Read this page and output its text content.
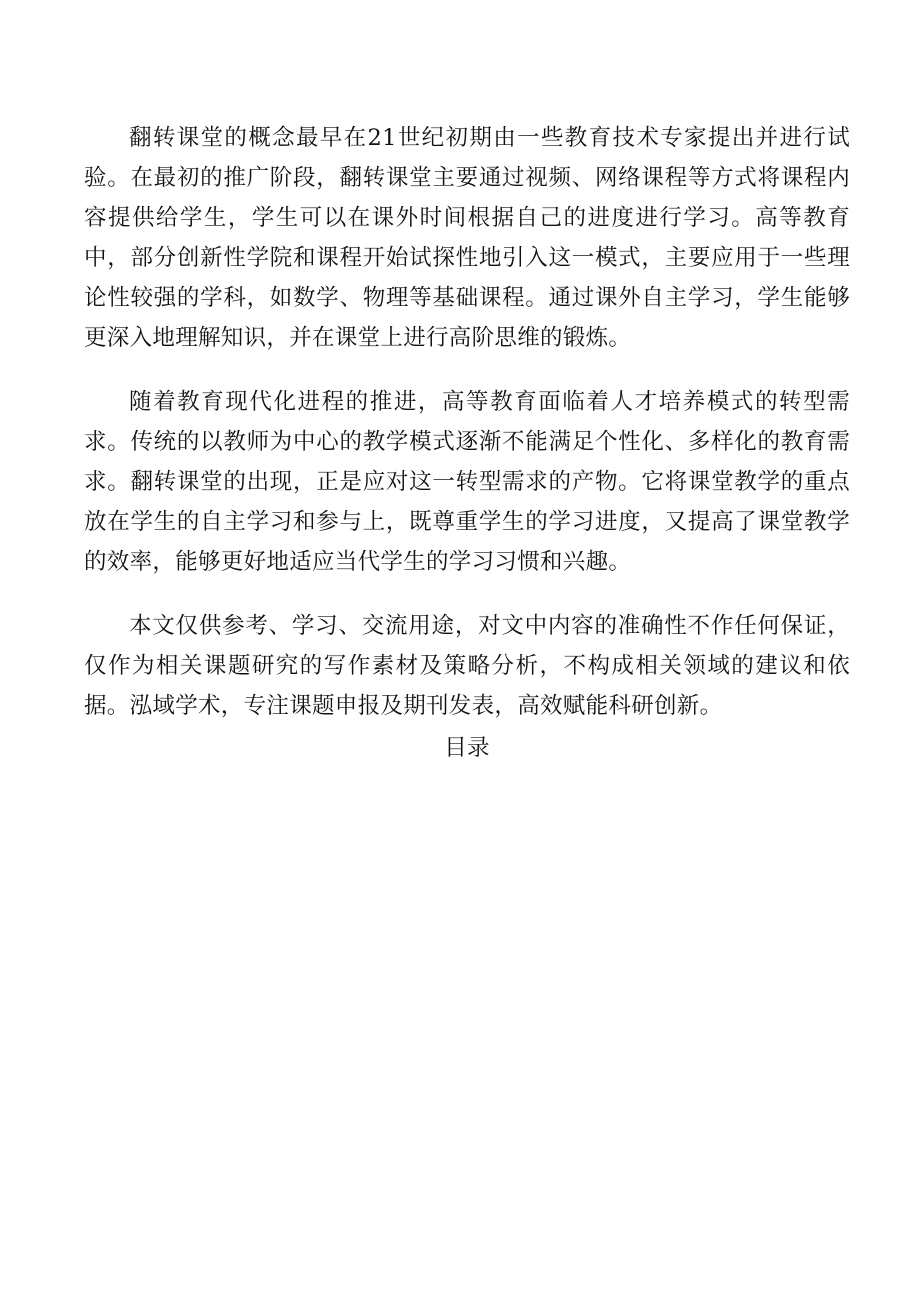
翻转课堂的概念最早在21世纪初期由一些教育技术专家提出并进行试验。在最初的推广阶段，翻转课堂主要通过视频、网络课程等方式将课程内容提供给学生，学生可以在课外时间根据自己的进度进行学习。高等教育中，部分创新性学院和课程开始试探性地引入这一模式，主要应用于一些理论性较强的学科，如数学、物理等基础课程。通过课外自主学习，学生能够更深入地理解知识，并在课堂上进行高阶思维的锻炼。

随着教育现代化进程的推进，高等教育面临着人才培养模式的转型需求。传统的以教师为中心的教学模式逐渐不能满足个性化、多样化的教育需求。翻转课堂的出现，正是应对这一转型需求的产物。它将课堂教学的重点放在学生的自主学习和参与上，既尊重学生的学习进度，又提高了课堂教学的效率，能够更好地适应当代学生的学习习惯和兴趣。

本文仅供参考、学习、交流用途，对文中内容的准确性不作任何保证，仅作为相关课题研究的写作素材及策略分析，不构成相关领域的建议和依据。泓域学术，专注课题申报及期刊发表，高效赋能科研创新。

目录
